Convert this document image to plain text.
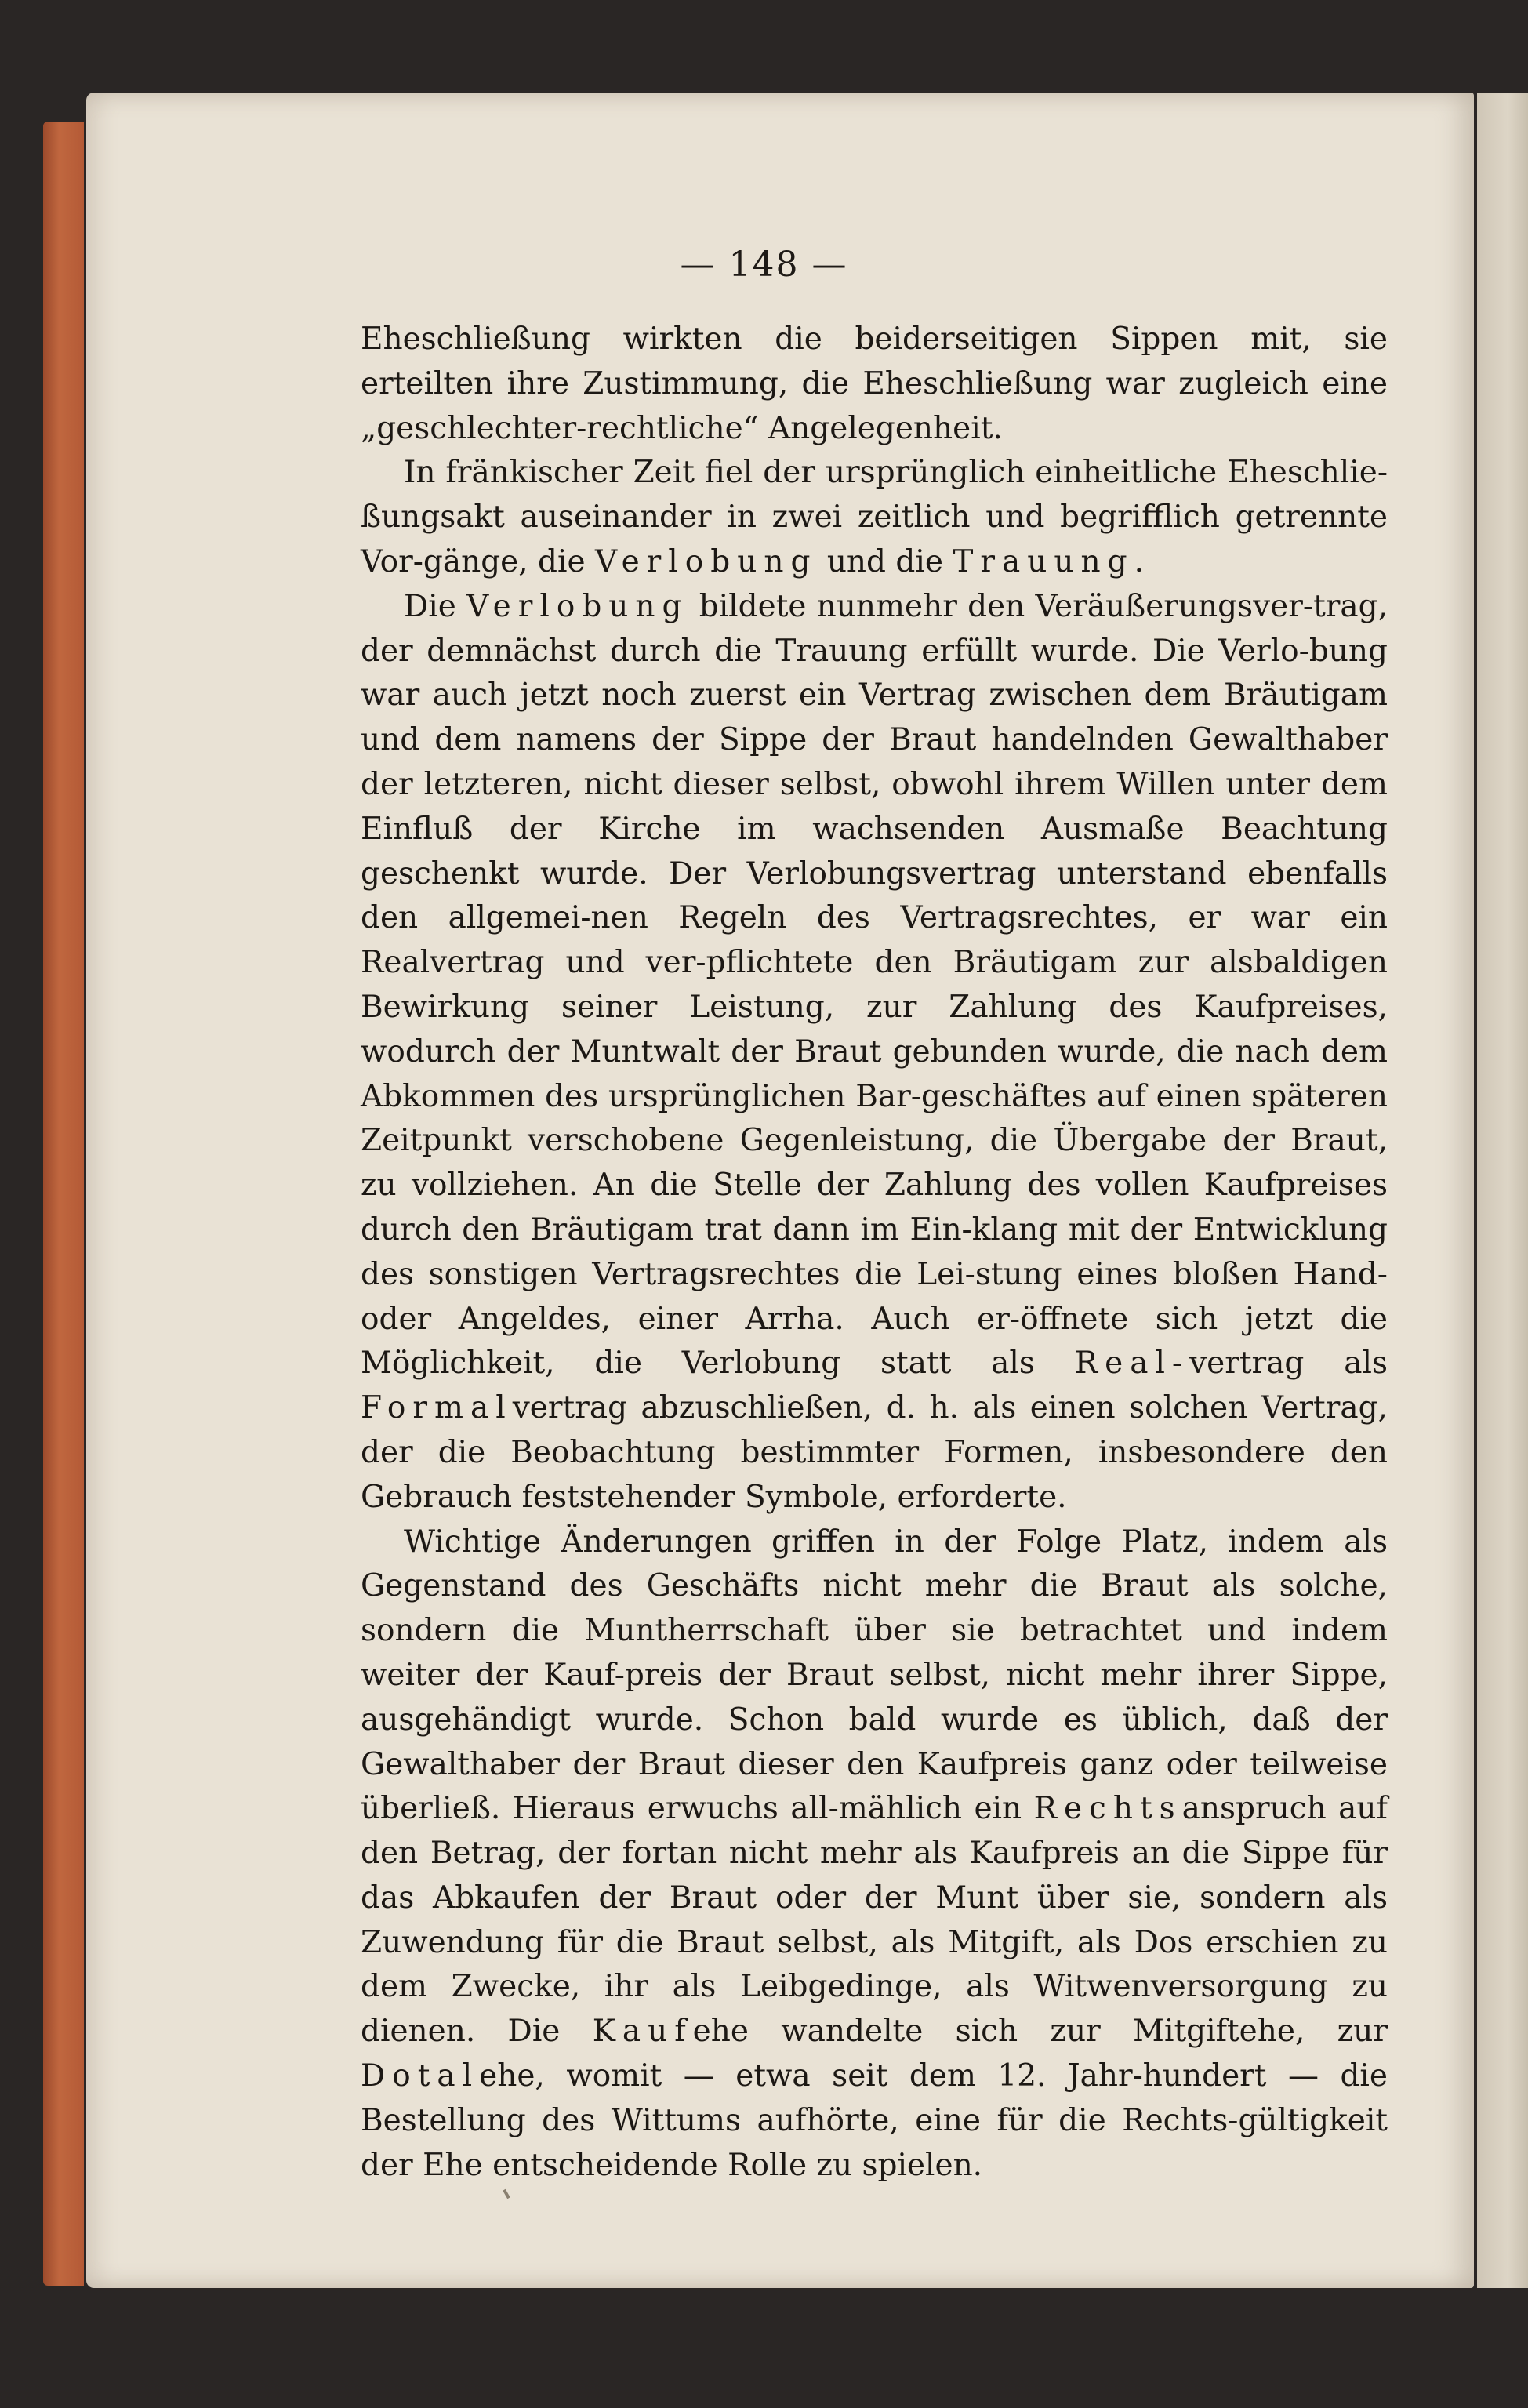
— 148 —

Eheschließung wirkten die beiderseitigen Sippen mit, sie erteilten ihre Zustimmung, die Eheschließung war zugleich eine „geschlechter-rechtliche“ Angelegenheit.

In fränkischer Zeit fiel der ursprünglich einheitliche Eheschlie-ßungsakt auseinander in zwei zeitlich und begrifflich getrennte Vor-gänge, die Verlobung und die Trauung.

Die Verlobung bildete nunmehr den Veräußerungsver-trag, der demnächst durch die Trauung erfüllt wurde. Die Verlo-bung war auch jetzt noch zuerst ein Vertrag zwischen dem Bräutigam und dem namens der Sippe der Braut handelnden Gewalthaber der letzteren, nicht dieser selbst, obwohl ihrem Willen unter dem Einfluß der Kirche im wachsenden Ausmaße Beachtung geschenkt wurde. Der Verlobungsvertrag unterstand ebenfalls den allgemei-nen Regeln des Vertragsrechtes, er war ein Realvertrag und ver-pflichtete den Bräutigam zur alsbaldigen Bewirkung seiner Leistung, zur Zahlung des Kaufpreises, wodurch der Muntwalt der Braut gebunden wurde, die nach dem Abkommen des ursprünglichen Bar-geschäftes auf einen späteren Zeitpunkt verschobene Gegenleistung, die Übergabe der Braut, zu vollziehen. An die Stelle der Zahlung des vollen Kaufpreises durch den Bräutigam trat dann im Ein-klang mit der Entwicklung des sonstigen Vertragsrechtes die Lei-stung eines bloßen Hand- oder Angeldes, einer Arrha. Auch er-öffnete sich jetzt die Möglichkeit, die Verlobung statt als Real-vertrag als Formalvertrag abzuschließen, d. h. als einen solchen Vertrag, der die Beobachtung bestimmter Formen, insbesondere den Gebrauch feststehender Symbole, erforderte.

Wichtige Änderungen griffen in der Folge Platz, indem als Gegenstand des Geschäfts nicht mehr die Braut als solche, sondern die Muntherrschaft über sie betrachtet und indem weiter der Kauf-preis der Braut selbst, nicht mehr ihrer Sippe, ausgehändigt wurde. Schon bald wurde es üblich, daß der Gewalthaber der Braut dieser den Kaufpreis ganz oder teilweise überließ. Hieraus erwuchs all-mählich ein Rechtsanspruch auf den Betrag, der fortan nicht mehr als Kaufpreis an die Sippe für das Abkaufen der Braut oder der Munt über sie, sondern als Zuwendung für die Braut selbst, als Mitgift, als Dos erschien zu dem Zwecke, ihr als Leibgedinge, als Witwenversorgung zu dienen. Die Kaufehe wandelte sich zur Mitgiftehe, zur Dotalehe, womit — etwa seit dem 12. Jahr-hundert — die Bestellung des Wittums aufhörte, eine für die Rechts-gültigkeit der Ehe entscheidende Rolle zu spielen.
